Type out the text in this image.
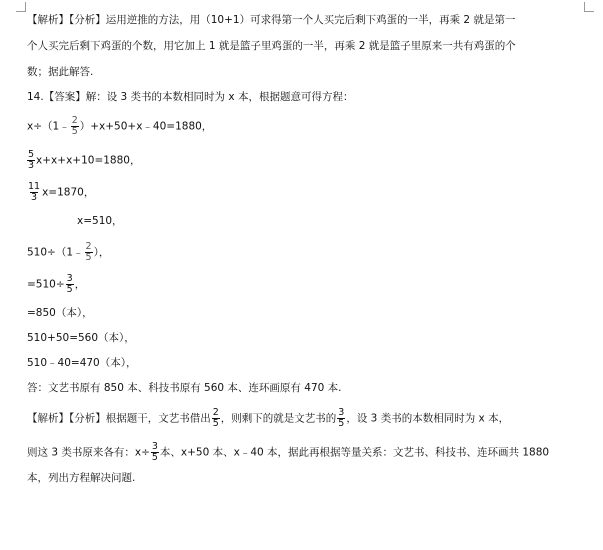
【解析】【分析】运用逆推的方法，用（10+1）可求得第一个人买完后剩下鸡蛋的一半，再乘 2 就是第一
个人买完后剩下鸡蛋的个数，用它加上 1 就是篮子里鸡蛋的一半，再乘 2 就是篮子里原来一共有鸡蛋的个
数；据此解答.
14.【答案】解：设 3 类书的本数相同时为 x 本，根据题意可得方程：
x÷（1﹣ $\frac{2}{5}$ ）+x+50+x﹣40=1880，
$\frac{5}{3} x+x+x+10=1880$，
$\frac{11}{3} x=1870$，
x=510，
510÷（1﹣ $\frac{2}{5}$ ），
$=510\div \frac{3}{5}$ ，
=850（本），
510+50=560（本），
510﹣40=470（本），
答：文艺书原有 850 本、科技书原有 560 本、连环画原有 470 本.
【解析】【分析】根据题干，文艺书借出 $\frac{2}{5}$ ，则剩下的就是文艺书的 $\frac{3}{5}$ ，设 3 类书的本数相同时为 x 本，
则这 3 类书原来各有：$x\div \frac{3}{5}$ 本、x+50 本、x﹣40 本，据此再根据等量关系：文艺书、科技书、连环画共 1880
本，列出方程解决问题.
